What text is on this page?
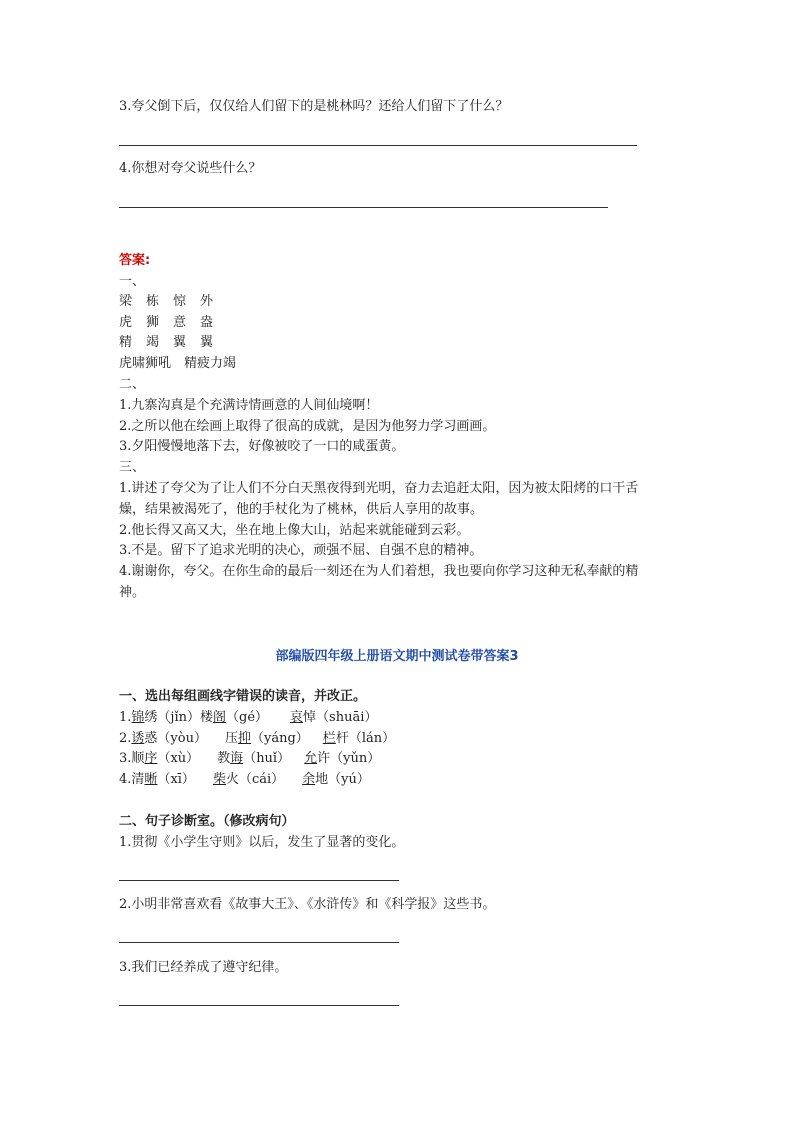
3.夸父倒下后，仅仅给人们留下的是桃林吗？还给人们留下了什么？
4.你想对夸父说些什么？
答案:
一、
梁 栋 惊 外
虎 狮 意 盎
精 竭 翼 翼
虎啸狮吼　精疲力竭
二、
1.九寨沟真是个充满诗情画意的人间仙境啊！
2.之所以他在绘画上取得了很高的成就，是因为他努力学习画画。
3.夕阳慢慢地落下去，好像被咬了一口的咸蛋黄。
三、
1.讲述了夸父为了让人们不分白天黑夜得到光明，奋力去追赶太阳，因为被太阳烤的口干舌
燥，结果被渴死了，他的手杖化为了桃林，供后人享用的故事。
2.他长得又高又大，坐在地上像大山，站起来就能碰到云彩。
3.不是。留下了追求光明的决心，顽强不屈、自强不息的精神。
4.谢谢你，夸父。在你生命的最后一刻还在为人们着想，我也要向你学习这种无私奉献的精
神。
部编版四年级上册语文期中测试卷带答案3
一、选出每组画线字错误的读音，并改正。
1.锦绣（jǐn）楼阁（gé） 哀悼（shuāi）
2.诱惑（yòu） 压抑（yáng） 栏杆（lán）
3.顺序（xù） 教诲（huǐ） 允许（yǔn）
4.清晰（xī） 柴火（cái） 余地（yú）
二、句子诊断室。（修改病句）
1.贯彻《小学生守则》以后，发生了显著的变化。
2.小明非常喜欢看《故事大王》、《水浒传》和《科学报》这些书。
3.我们已经养成了遵守纪律。
